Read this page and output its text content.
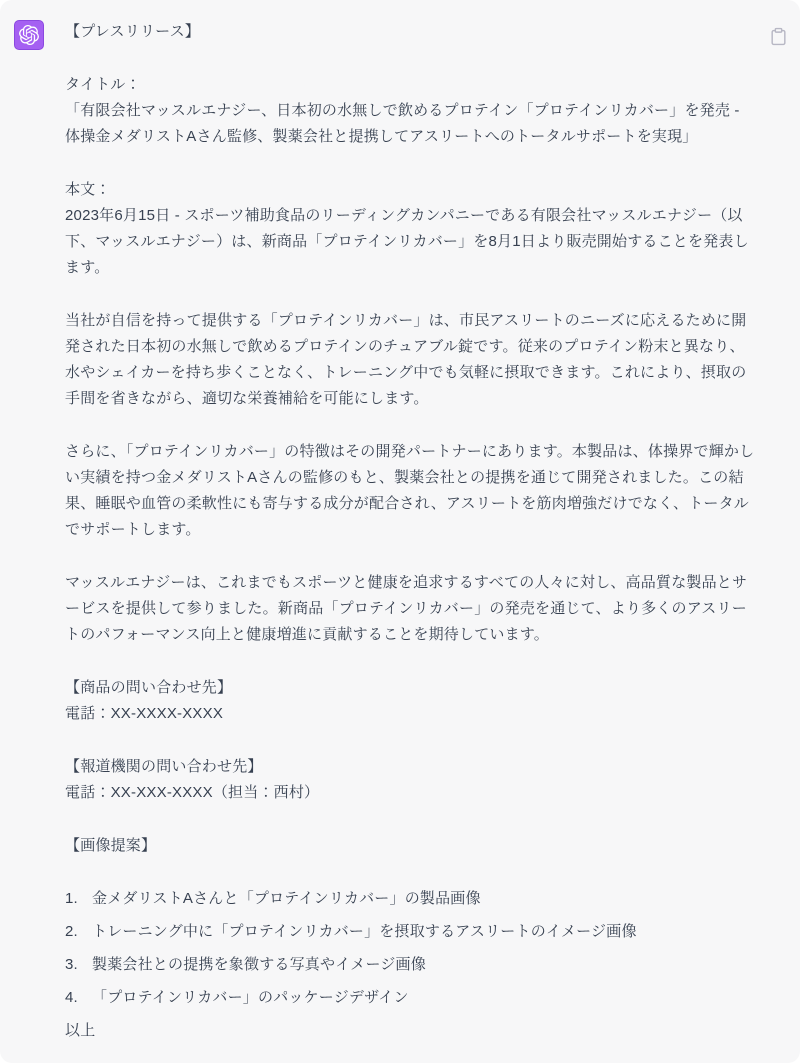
【プレスリリース】
タイトル：
「有限会社マッスルエナジー、日本初の水無しで飲めるプロテイン「プロテインリカバー」を発売 - 体操金メダリストAさん監修、製薬会社と提携してアスリートへのトータルサポートを実現」
本文：
2023年6月15日 - スポーツ補助食品のリーディングカンパニーである有限会社マッスルエナジー（以下、マッスルエナジー）は、新商品「プロテインリカバー」を8月1日より販売開始することを発表します。
当社が自信を持って提供する「プロテインリカバー」は、市民アスリートのニーズに応えるために開発された日本初の水無しで飲めるプロテインのチュアブル錠です。従来のプロテイン粉末と異なり、水やシェイカーを持ち歩くことなく、トレーニング中でも気軽に摂取できます。これにより、摂取の手間を省きながら、適切な栄養補給を可能にします。
さらに、「プロテインリカバー」の特徴はその開発パートナーにあります。本製品は、体操界で輝かしい実績を持つ金メダリストAさんの監修のもと、製薬会社との提携を通じて開発されました。この結果、睡眠や血管の柔軟性にも寄与する成分が配合され、アスリートを筋肉増強だけでなく、トータルでサポートします。
マッスルエナジーは、これまでもスポーツと健康を追求するすべての人々に対し、高品質な製品とサービスを提供して参りました。新商品「プロテインリカバー」の発売を通じて、より多くのアスリートのパフォーマンス向上と健康増進に貢献することを期待しています。
【商品の問い合わせ先】
電話：XX-XXXX-XXXX
【報道機関の問い合わせ先】
電話：XX-XXX-XXXX（担当：西村）
【画像提案】
1. 金メダリストAさんと「プロテインリカバー」の製品画像
2. トレーニング中に「プロテインリカバー」を摂取するアスリートのイメージ画像
3. 製薬会社との提携を象徴する写真やイメージ画像
4. 「プロテインリカバー」のパッケージデザイン
以上
